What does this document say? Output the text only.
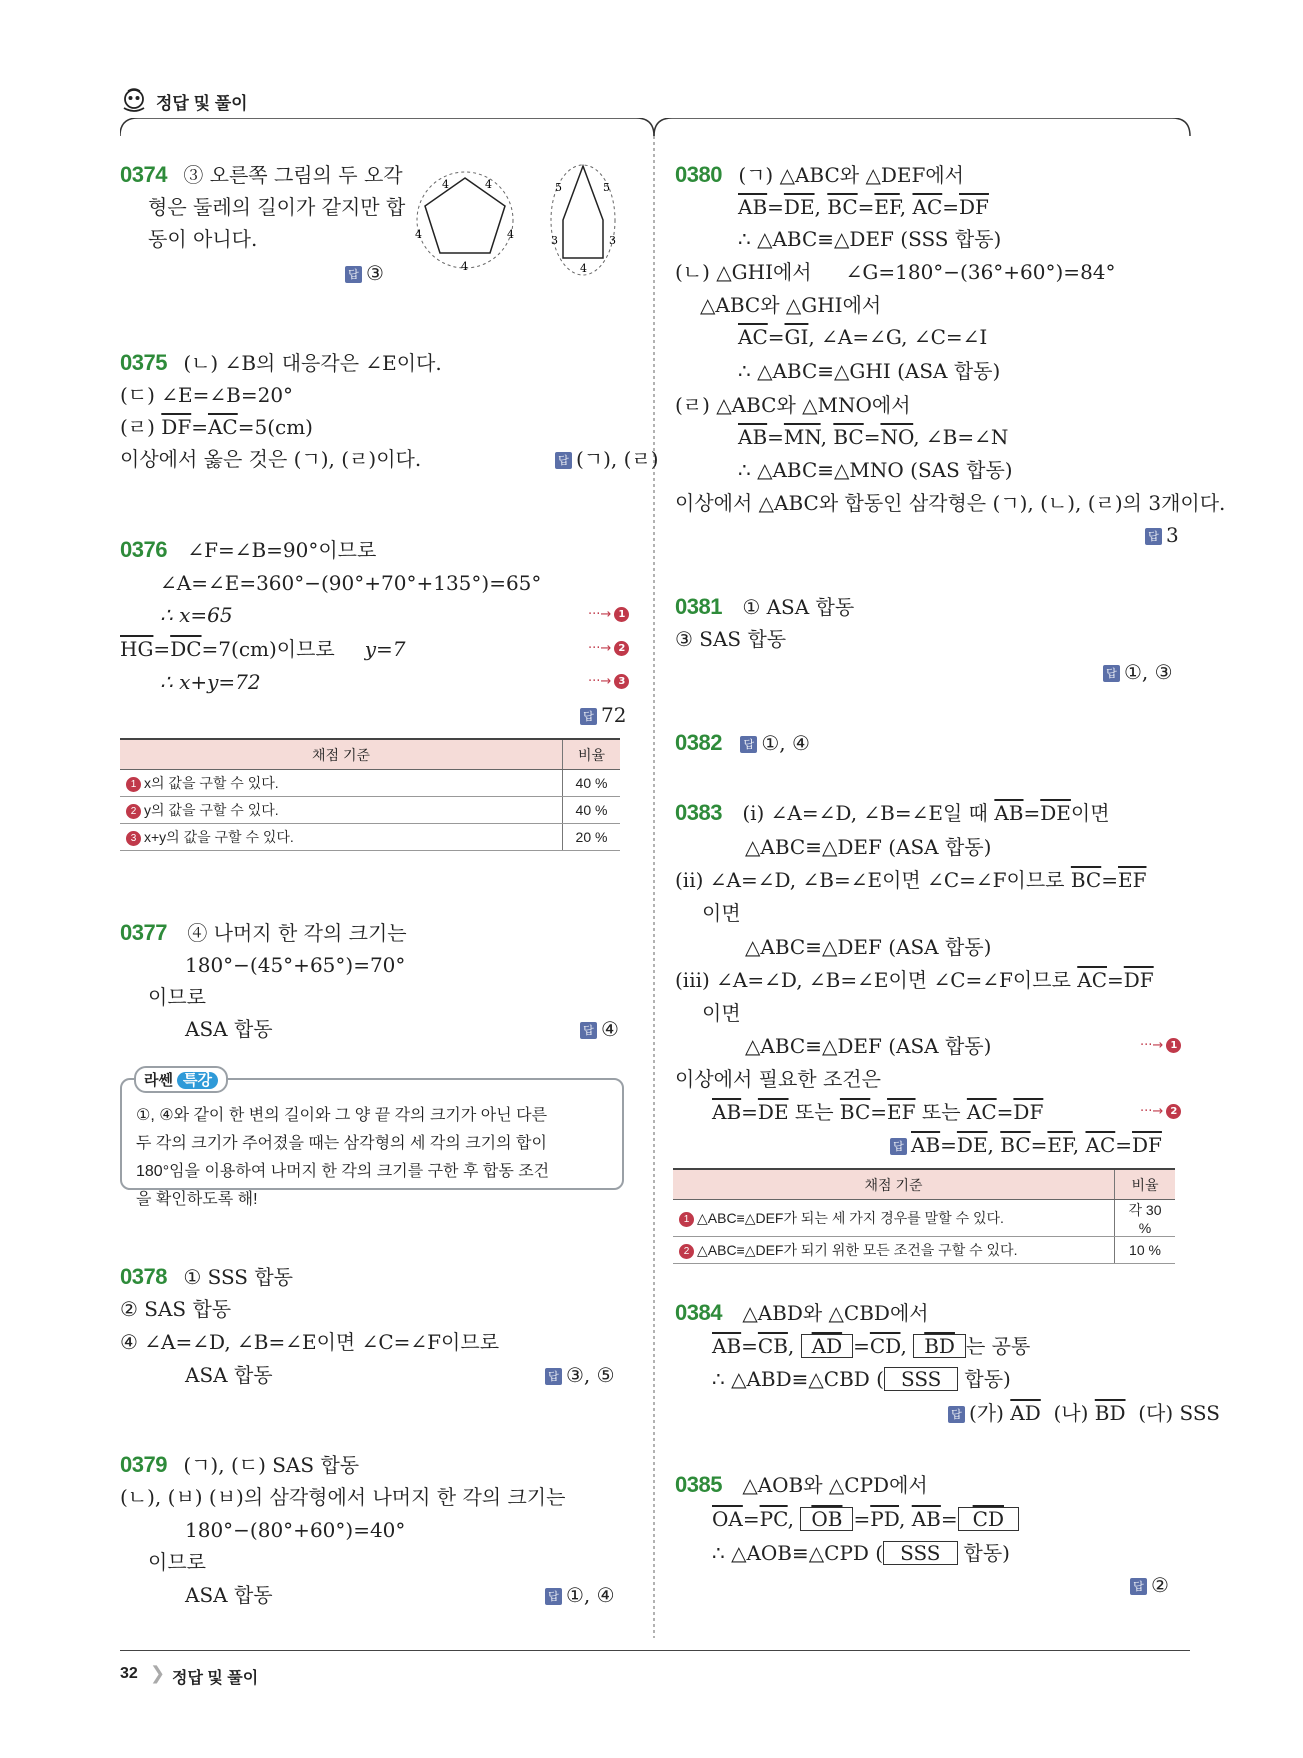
정답 및 풀이
0374 ③ 오른쪽 그림의 두 오각
형은 둘레의 길이가 같지만 합
동이 아니다.
답 ③
4	4
4	4
4
5	5
3	3
4
0375 (ㄴ) ∠B의 대응각은 ∠E이다.
(ㄷ) ∠E=∠B=20°
(ㄹ) $\overline{DF}=\overline{AC}=5(cm)$
이상에서 옳은 것은 (ㄱ), (ㄹ)이다.	답 (ㄱ), (ㄹ)
0376 ∠F=∠B=90°이므로
∠A=∠E=360°−(90°+70°+135°)=65°
∴ x=65
$\overline{HG}=\overline{DC}=7(cm)$이므로 y=7
∴ x+y=72
···→ 1
···→ 2
···→ 3
답 72
채점 기준	비율
1 x의 값을 구할 수 있다.	40 %
2 y의 값을 구할 수 있다.	40 %
3 x+y의 값을 구할 수 있다.	20 %
0377 ④ 나머지 한 각의 크기는
180°−(45°+65°)=70°
이므로
ASA 합동	답 ④
라쎈 특강
①, ④와 같이 한 변의 길이와 그 양 끝 각의 크기가 아닌 다른 두 각의 크기가 주어졌을 때는 삼각형의 세 각의 크기의 합이 180°임을 이용하여 나머지 한 각의 크기를 구한 후 합동 조건을 확인하도록 해!
0378 ① SSS 합동
② SAS 합동
④ ∠A=∠D, ∠B=∠E이면 ∠C=∠F이므로
ASA 합동	답 ③, ⑤
0379 (ㄱ), (ㄷ) SAS 합동
(ㄴ), (ㅂ) (ㅂ)의 삼각형에서 나머지 한 각의 크기는
180°−(80°+60°)=40°
이므로
ASA 합동	답 ①, ④
0380 (ㄱ) △ABC와 △DEF에서
$\overline{AB}=\overline{DE}$, $\overline{BC}=\overline{EF}$, $\overline{AC}=\overline{DF}$
∴ △ABC≡△DEF (SSS 합동)
(ㄴ) △GHI에서 ∠G=180°−(36°+60°)=84°
△ABC와 △GHI에서
$\overline{AC}=\overline{GI}$, ∠A=∠G, ∠C=∠I
∴ △ABC≡△GHI (ASA 합동)
(ㄹ) △ABC와 △MNO에서
$\overline{AB}=\overline{MN}$, $\overline{BC}=\overline{NO}$, ∠B=∠N
∴ △ABC≡△MNO (SAS 합동)
이상에서 △ABC와 합동인 삼각형은 (ㄱ), (ㄴ), (ㄹ)의 3개이다.
답 3
0381 ① ASA 합동
③ SAS 합동
답 ①, ③
0382 답 ①, ④
0383 (i) ∠A=∠D, ∠B=∠E일 때 $\overline{AB}=\overline{DE}$이면
△ABC≡△DEF (ASA 합동)
(ii) ∠A=∠D, ∠B=∠E이면 ∠C=∠F이므로 $\overline{BC}=\overline{EF}$
이면
△ABC≡△DEF (ASA 합동)
(iii) ∠A=∠D, ∠B=∠E이면 ∠C=∠F이므로 $\overline{AC}=\overline{DF}$
이면
△ABC≡△DEF (ASA 합동)	···→ 1
이상에서 필요한 조건은
$\overline{AB}=\overline{DE}$ 또는 $\overline{BC}=\overline{EF}$ 또는 $\overline{AC}=\overline{DF}$	···→ 2
답 $\overline{AB}=\overline{DE}$, $\overline{BC}=\overline{EF}$, $\overline{AC}=\overline{DF}$
채점 기준	비율
1 △ABC≡△DEF가 되는 세 가지 경우를 말할 수 있다.	각 30 %
2 △ABC≡△DEF가 되기 위한 모든 조건을 구할 수 있다.	10 %
0384 △ABD와 △CBD에서
$\overline{AB}=\overline{CB}$, $\overline{AD} =\overline{CD}$, $\overline{BD}$ 는 공통
∴ △ABD≡△CBD ( SSS 합동)
답 (가) $\overline{AD}$  (나) $\overline{BD}$  (다) SSS
0385 △AOB와 △CPD에서
$\overline{OA}=\overline{PC}$, $\overline{OB} =\overline{PD}$, $\overline{AB}= \overline{CD}$
∴ △AOB≡△CPD ( SSS 합동)
답 ②
32 ❯ 정답 및 풀이
